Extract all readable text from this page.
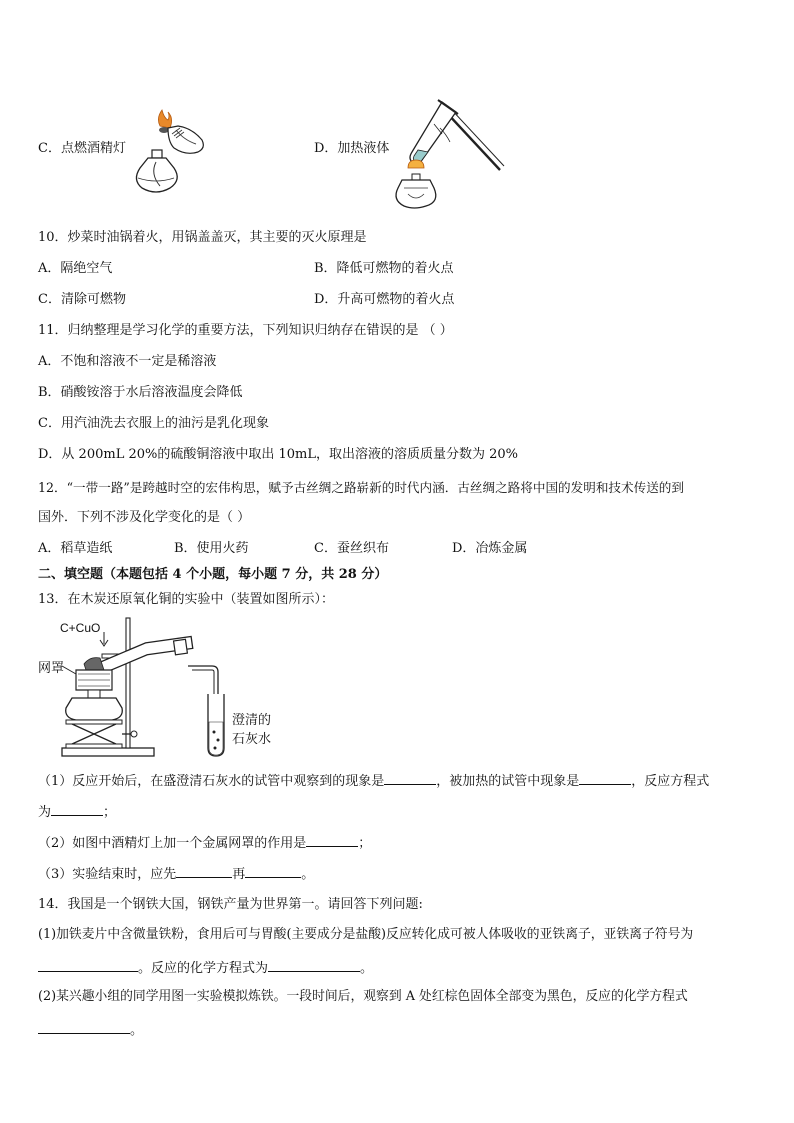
C．点燃酒精灯	D．加热液体
10．炒菜时油锅着火，用锅盖盖灭，其主要的灭火原理是
A．隔绝空气	B．降低可燃物的着火点
C．清除可燃物	D．升高可燃物的着火点
11．归纳整理是学习化学的重要方法，下列知识归纳存在错误的是 （ ）
A．不饱和溶液不一定是稀溶液
B．硝酸铵溶于水后溶液温度会降低
C．用汽油洗去衣服上的油污是乳化现象
D．从 200mL 20%的硫酸铜溶液中取出 10mL，取出溶液的溶质质量分数为 20%
12．“一带一路”是跨越时空的宏伟构思，赋予古丝绸之路崭新的时代内涵．古丝绸之路将中国的发明和技术传送的到
国外．下列不涉及化学变化的是（ ）
A．稻草造纸	B．使用火药	C．蚕丝织布	D．冶炼金属
二、填空题（本题包括 4 个小题，每小题 7 分，共 28 分）
13．在木炭还原氧化铜的实验中（装置如图所示）：
C+CuO
网罩
澄清的
石灰水
（1）反应开始后，在盛澄清石灰水的试管中观察到的现象是	，被加热的试管中现象是	，反应方程式
为	；
（2）如图中酒精灯上加一个金属网罩的作用是	；
（3）实验结束时，应先	再	。
14．我国是一个钢铁大国，钢铁产量为世界第一。请回答下列问题:
(1)加铁麦片中含微量铁粉，食用后可与胃酸(主要成分是盐酸)反应转化成可被人体吸收的亚铁离子，亚铁离子符号为
。反应的化学方程式为	。
(2)某兴趣小组的同学用图一实验模拟炼铁。一段时间后，观察到 A 处红棕色固体全部变为黑色，反应的化学方程式
。
